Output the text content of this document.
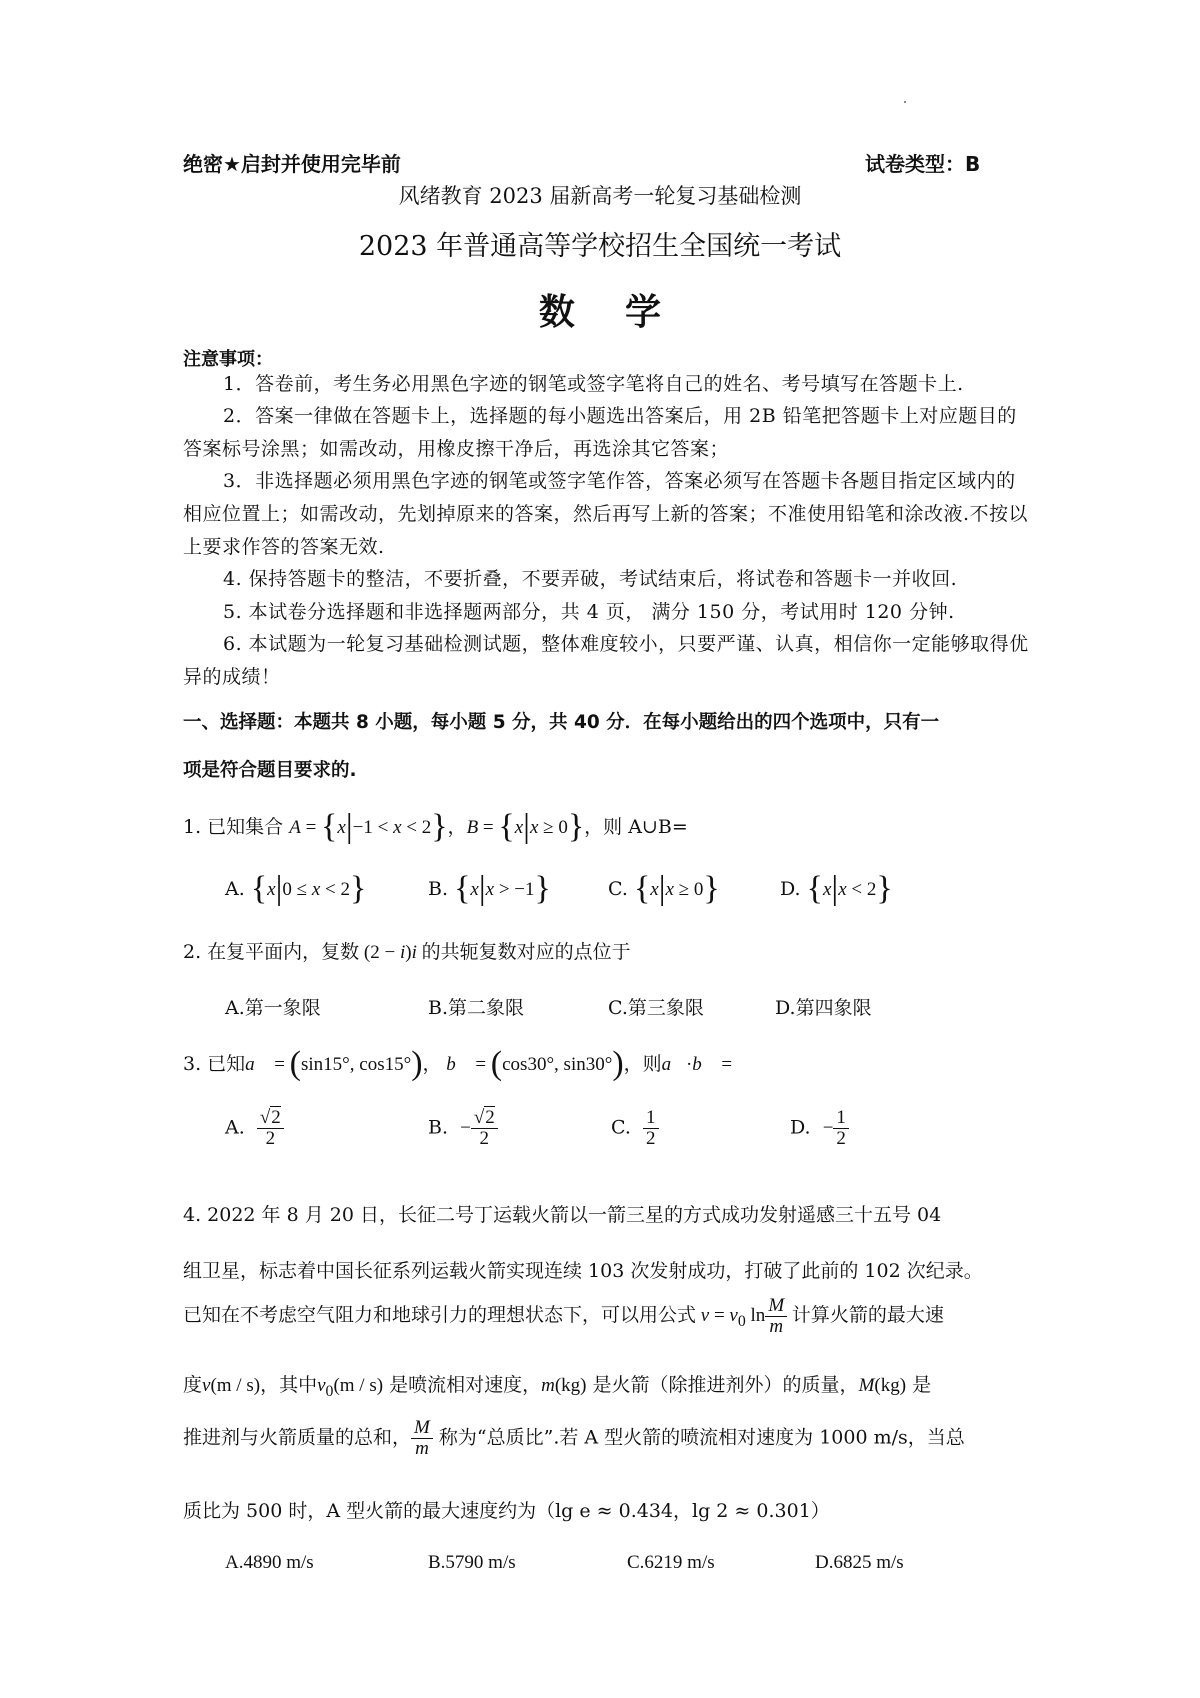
绝密★启封并使用完毕前	试卷类型：B
风绪教育 2023 届新高考一轮复习基础检测
2023 年普通高等学校招生全国统一考试
数    学
注意事项：

1．答卷前，考生务必用黑色字迹的钢笔或签字笔将自己的姓名、考号填写在答题卡上.

2．答案一律做在答题卡上，选择题的每小题选出答案后，用 2B 铅笔把答题卡上对应题目的答案标号涂黑；如需改动，用橡皮擦干净后，再选涂其它答案；

3．非选择题必须用黑色字迹的钢笔或签字笔作答，答案必须写在答题卡各题目指定区域内的相应位置上；如需改动，先划掉原来的答案，然后再写上新的答案；不准使用铅笔和涂改液.不按以上要求作答的答案无效.

4. 保持答题卡的整洁，不要折叠，不要弄破，考试结束后，将试卷和答题卡一并收回.

5. 本试卷分选择题和非选择题两部分，共 4 页， 满分 150 分，考试用时 120 分钟.

6. 本试题为一轮复习基础检测试题，整体难度较小，只要严谨、认真，相信你一定能够取得优异的成绩！

一、选择题：本题共 8 小题，每小题 5 分，共 40 分．在每小题给出的四个选项中，只有一
项是符合题目要求的.
1. 已知集合 A = {x|−1 < x < 2}，B = {x|x ≥ 0}，则 A∪B=
A. {x|0 ≤ x < 2}	B. {x|x > −1}	C. {x|x ≥ 0}	D. {x|x < 2}
2. 在复平面内，复数 (2 − i)i 的共轭复数对应的点位于
A.第一象限	B.第二象限	C.第三象限	D.第四象限
3. 已知a⃗ = (sin15°, cos15°)， b⃗ = (cos30°, sin30°)，则a⃗·b⃗ =
A. $\frac{√2}{2}$	B. − $\frac{√2}{2}$	C. $\frac{1}{2}$	D. − $\frac{1}{2}$
4. 2022 年 8 月 20 日，长征二号丁运载火箭以一箭三星的方式成功发射遥感三十五号 04
组卫星，标志着中国长征系列运载火箭实现连续 103 次发射成功，打破了此前的 102 次纪录。
已知在不考虑空气阻力和地球引力的理想状态下，可以用公式 $v = v_0$ $\ln \frac{M}{m}$ 计算火箭的最大速
度v(m / s)，其中$v_0(m / s)$ 是喷流相对速度，m(kg) 是火箭（除推进剂外）的质量，M(kg) 是
推进剂与火箭质量的总和， $\frac{M}{m}$ 称为“总质比”.若 A 型火箭的喷流相对速度为 1000 m/s，当总
质比为 500 时，A 型火箭的最大速度约为（lg e ≈ 0.434，lg 2 ≈ 0.301）
A.4890 m/s	B.5790 m/s	C.6219 m/s	D.6825 m/s
